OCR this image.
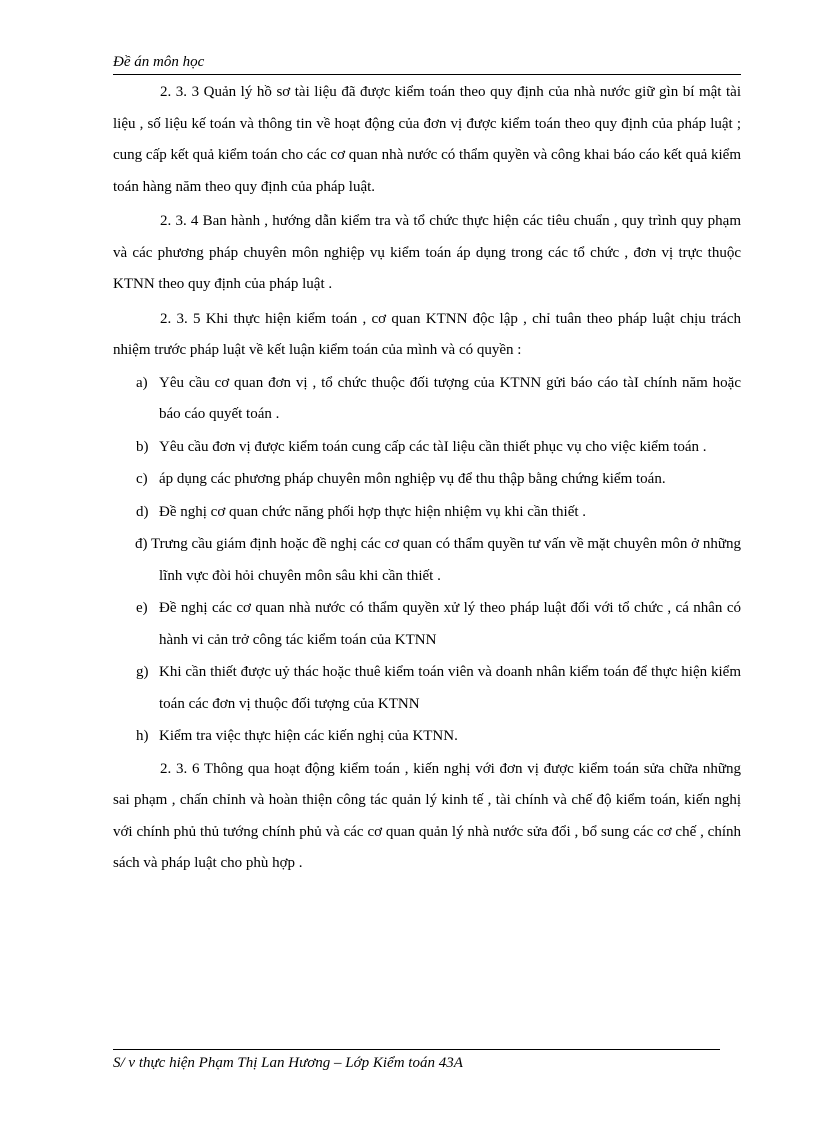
Đề án môn học

2. 3. 3 Quản lý hồ sơ tài liệu đã được kiểm toán theo quy định của nhà nước giữ gìn bí mật tài liệu , số liệu kế toán và thông tin về hoạt động của đơn vị được kiểm toán theo quy định của pháp luật ; cung cấp kết quả kiểm toán cho các cơ quan nhà nước có thẩm quyền và công khai báo cáo kết quả kiểm toán hàng năm theo quy định của pháp luật.

2. 3. 4 Ban hành , hướng dẫn kiểm tra và tổ chức thực hiện các tiêu chuẩn , quy trình quy phạm và các phương pháp chuyên môn nghiệp vụ kiểm toán áp dụng trong các tổ chức , đơn vị trực thuộc KTNN theo quy định của pháp luật .

2. 3. 5 Khi thực hiện kiểm toán , cơ quan KTNN độc lập , chỉ tuân theo pháp luật chịu trách nhiệm trước pháp luật về kết luận kiểm toán của mình và có quyền :

a) Yêu cầu cơ quan đơn vị , tổ chức thuộc đối tượng của KTNN gửi báo cáo tàI chính năm hoặc báo cáo quyết toán .
b) Yêu cầu đơn vị được kiểm toán cung cấp các tàI liệu cần thiết phục vụ cho việc kiểm toán .
c) áp dụng các phương pháp chuyên môn nghiệp vụ để thu thập bằng chứng kiểm toán.
d) Đề nghị cơ quan chức năng phối hợp thực hiện nhiệm vụ khi cần thiết .
đ) Trưng cầu giám định hoặc đề nghị các cơ quan có thẩm quyền tư vấn về mặt chuyên môn ở những lĩnh vực đòi hỏi chuyên môn sâu khi cần thiết .
e) Đề nghị các cơ quan nhà nước có thẩm quyền xử lý theo pháp luật đối với tổ chức , cá nhân có hành vi cản trở công tác kiểm toán của KTNN
g) Khi cần thiết được uỷ thác hoặc thuê kiểm toán viên và doanh nhân kiểm toán để thực hiện kiểm toán các đơn vị thuộc đối tượng của KTNN
h) Kiểm tra việc thực hiện các kiến nghị của KTNN.

2. 3. 6 Thông qua hoạt động kiểm toán , kiến nghị với đơn vị được kiểm toán sửa chữa những sai phạm , chấn chỉnh và hoàn thiện công tác quản lý kinh tế , tài chính và chế độ kiểm toán, kiến nghị với chính phủ thủ tướng chính phủ và các cơ quan quản lý nhà nước sửa đổi , bổ sung các cơ chế , chính sách và pháp luật cho phù hợp .

S/ v thực hiện Phạm Thị Lan Hương – Lớp Kiểm toán 43A
